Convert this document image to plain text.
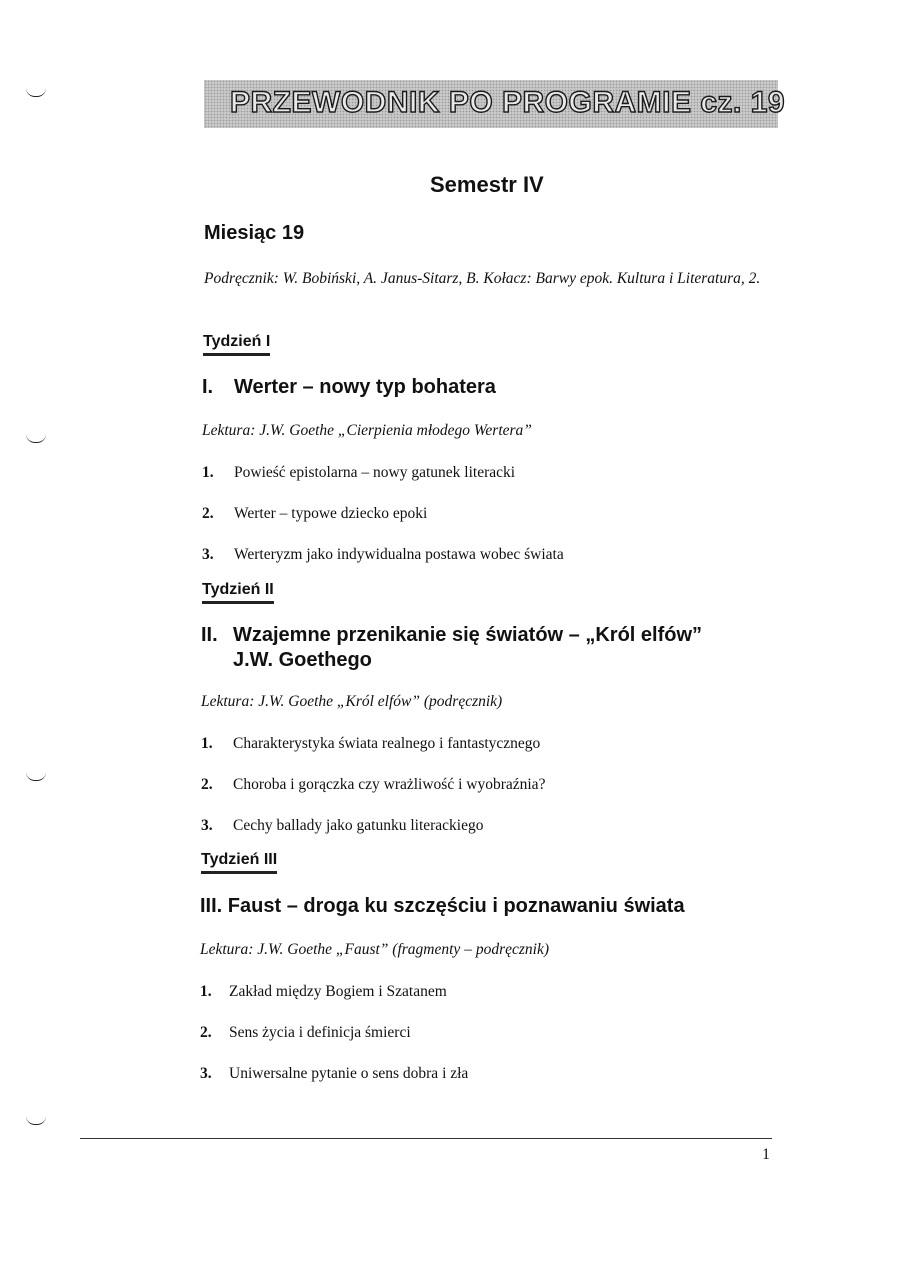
PRZEWODNIK PO PROGRAMIE cz. 19
Semestr IV
Miesiąc 19
Podręcznik: W. Bobiński, A. Janus-Sitarz, B. Kołacz: Barwy epok. Kultura i Literatura, 2.
Tydzień I
I. Werter – nowy typ bohatera
Lektura: J.W. Goethe „Cierpienia młodego Wertera”
1. Powieść epistolarna – nowy gatunek literacki
2. Werter – typowe dziecko epoki
3. Werteryzm jako indywidualna postawa wobec świata
Tydzień II
II. Wzajemne przenikanie się światów – „Król elfów”
J.W. Goethego
Lektura: J.W. Goethe „Król elfów” (podręcznik)
1. Charakterystyka świata realnego i fantastycznego
2. Choroba i gorączka czy wrażliwość i wyobraźnia?
3. Cechy ballady jako gatunku literackiego
Tydzień III
III. Faust – droga ku szczęściu i poznawaniu świata
Lektura: J.W. Goethe „Faust” (fragmenty – podręcznik)
1. Zakład między Bogiem i Szatanem
2. Sens życia i definicja śmierci
3. Uniwersalne pytanie o sens dobra i zła
1
